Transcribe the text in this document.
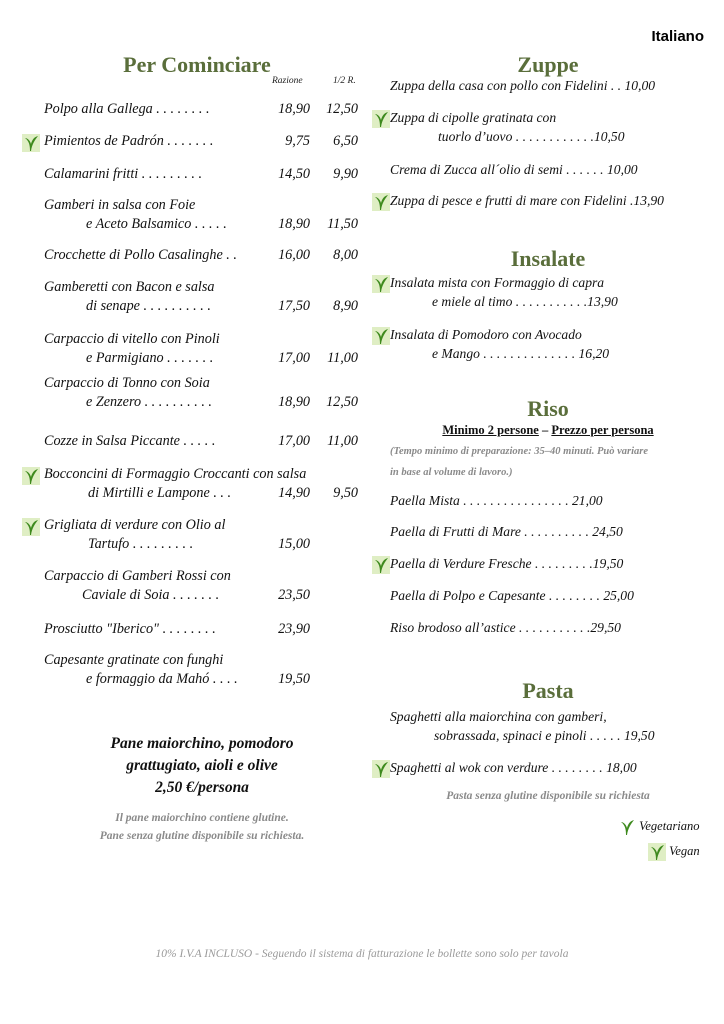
Italiano
Per Cominciare
Razione	1/2 R.
Polpo alla Gallega . . . . . . . .	18,90 12,50
Pimientos de Padrón . . . . . . .	9,75 6,50
Calamarini fritti . . . . . . . . .	14,50 9,90
Gamberi in salsa con Foie
e Aceto Balsamico . . . . .	18,90 11,50
Crocchette di Pollo Casalinghe . .	16,00 8,00
Gamberetti con Bacon e salsa
di senape . . . . . . . . . .	17,50 8,90
Carpaccio di vitello con Pinoli
e Parmigiano . . . . . . .	17,00 11,00
Carpaccio di Tonno con Soia
e Zenzero . . . . . . . . . .	18,90 12,50
Cozze in Salsa Piccante . . . . .	17,00 11,00
Bocconcini di Formaggio Croccanti con salsa
di Mirtilli e Lampone . . .	14,90 9,50
Grigliata di verdure con Olio al
Tartufo . . . . . . . . .	15,00
Carpaccio di Gamberi Rossi con
Caviale di Soia . . . . . . .	23,50
Prosciutto "Iberico" . . . . . . . .	23,90
Capesante gratinate con funghi
e formaggio da Mahó . . . .	19,50
Pane maiorchino, pomodoro
grattugiato, aioli e olive
2,50 €/persona
Il pane maiorchino contiene glutine.
Pane senza glutine disponibile su richiesta.
Zuppe
Zuppa della casa con pollo con Fidelini . . 10,00
Zuppa di cipolle gratinata con
tuorlo d’uovo . . . . . . . . . . . .10,50
Crema di Zucca all´olio di semi . . . . . . 10,00
Zuppa di pesce e frutti di mare con Fidelini .13,90
Insalate
Insalata mista con Formaggio di capra
e miele al timo . . . . . . . . . . .13,90
Insalata di Pomodoro con Avocado
e Mango . . . . . . . . . . . . . . 16,20
Riso
Minimo 2 persone – Prezzo per persona
(Tempo minimo di preparazione: 35–40 minuti. Può variare
in base al volume di lavoro.)
Paella Mista . . . . . . . . . . . . . . . . 21,00
Paella di Frutti di Mare . . . . . . . . . . 24,50
Paella di Verdure Fresche . . . . . . . . .19,50
Paella di Polpo e Capesante . . . . . . . . 25,00
Riso brodoso all’astice . . . . . . . . . . .29,50
Pasta
Spaghetti alla maiorchina con gamberi,
sobrassada, spinaci e pinoli . . . . . 19,50
Spaghetti al wok con verdure . . . . . . . . 18,00
Pasta senza glutine disponibile su richiesta
Vegetariano
Vegan
10% I.V.A INCLUSO - Seguendo il sistema di fatturazione le bollette sono solo per tavola
